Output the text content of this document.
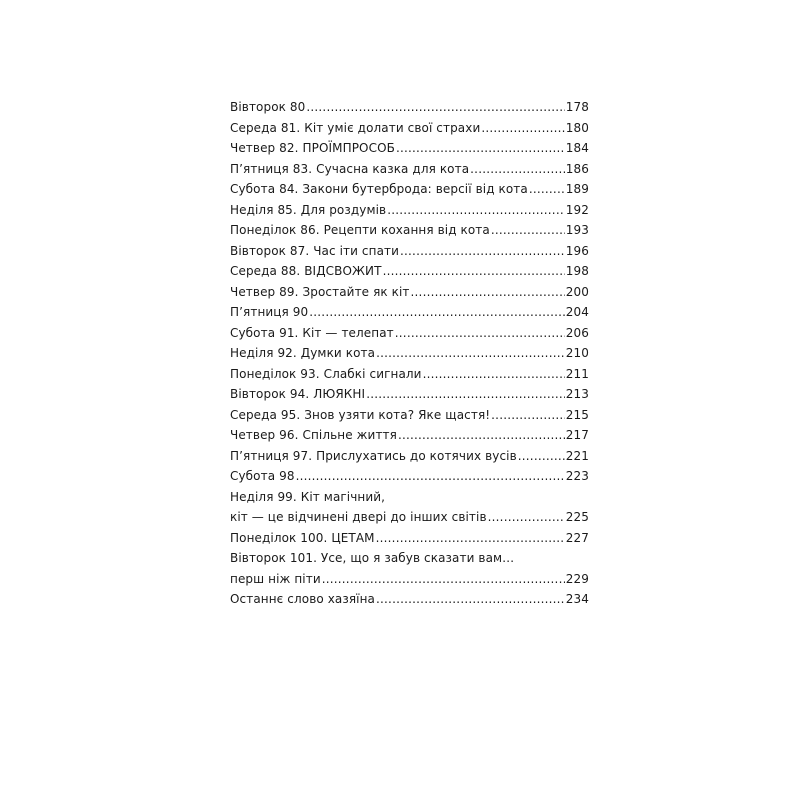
Вівторок 80 .....	178
Середа 81. Кіт уміє долати свої страхи .....	180
Четвер 82. ПРОЇМПРОСОБ .....	184
П’ятниця 83. Сучасна казка для кота .....	186
Субота 84. Закони бутерброда: версії від кота .....	189
Неділя 85. Для роздумів .....	192
Понеділок 86. Рецепти кохання від кота .....	193
Вівторок 87. Час іти спати .....	196
Середа 88. ВІДСВОЖИТ .....	198
Четвер 89. Зростайте як кіт .....	200
П’ятниця 90 .....	204
Субота 91. Кіт — телепат .....	206
Неділя 92. Думки кота .....	210
Понеділок 93. Слабкі сигнали .....	211
Вівторок 94. ЛЮЯКНІ .....	213
Середа 95. Знов узяти кота? Яке щастя! .....	215
Четвер 96. Спільне життя .....	217
П’ятниця 97. Прислухатись до котячих вусів .....	221
Субота 98 .....	223
Неділя 99. Кіт магічний,
кіт — це відчинені двері до інших світів .....	225
Понеділок 100. ЦЕТАМ .....	227
Вівторок 101. Усе, що я забув сказати вам…
перш ніж піти .....	229
Останнє слово хазяїна .....	234
